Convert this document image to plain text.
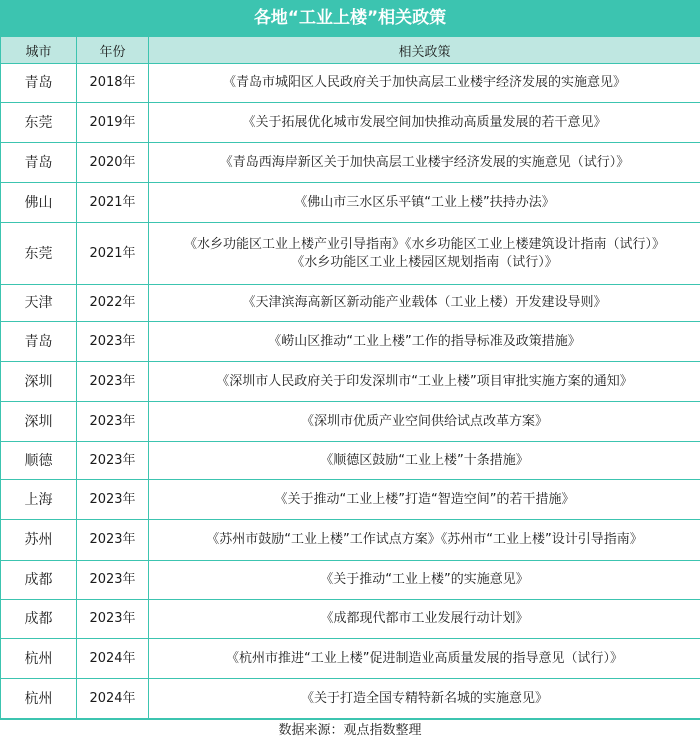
各地“工业上楼”相关政策
城市	年份	相关政策
青岛	2018年	《青岛市城阳区人民政府关于加快高层工业楼宇经济发展的实施意见》

东莞	2019年	《关于拓展优化城市发展空间加快推动高质量发展的若干意见》

青岛	2020年	《青岛西海岸新区关于加快高层工业楼宇经济发展的实施意见（试行）》

佛山	2021年	《佛山市三水区乐平镇“工业上楼”扶持办法》

东莞	2021年	《水乡功能区工业上楼产业引导指南》《水乡功能区工业上楼建筑设计指南（试行）》
《水乡功能区工业上楼园区规划指南（试行）》

天津	2022年	《天津滨海高新区新动能产业载体（工业上楼）开发建设导则》

青岛	2023年	《崂山区推动“工业上楼”工作的指导标准及政策措施》

深圳	2023年	《深圳市人民政府关于印发深圳市“工业上楼”项目审批实施方案的通知》

深圳	2023年	《深圳市优质产业空间供给试点改革方案》

顺德	2023年	《顺德区鼓励“工业上楼”十条措施》

上海	2023年	《关于推动“工业上楼”打造“智造空间”的若干措施》

苏州	2023年	《苏州市鼓励“工业上楼”工作试点方案》《苏州市“工业上楼”设计引导指南》

成都	2023年	《关于推动“工业上楼”的实施意见》

成都	2023年	《成都现代都市工业发展行动计划》

杭州	2024年	《杭州市推进“工业上楼”促进制造业高质量发展的指导意见（试行）》

杭州	2024年	《关于打造全国专精特新名城的实施意见》
数据来源：观点指数整理
